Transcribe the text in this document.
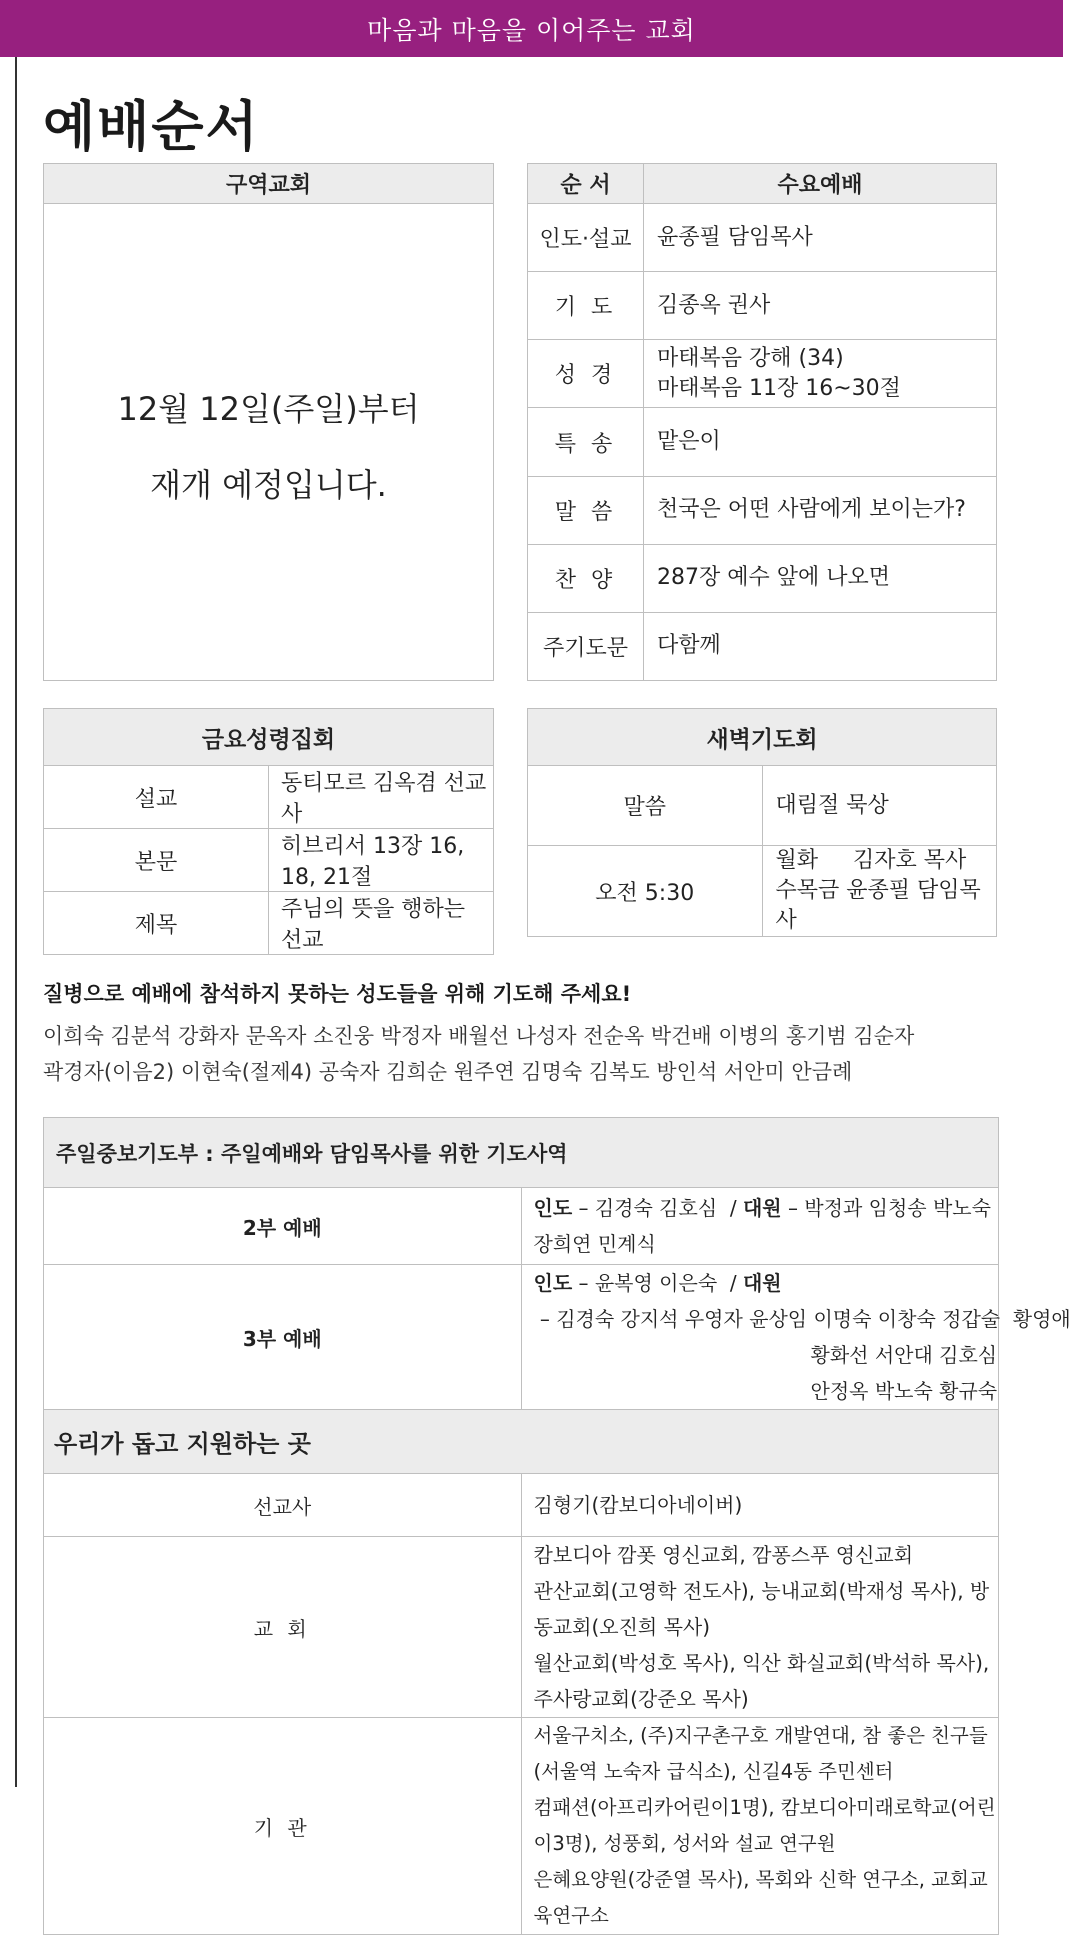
마음과 마음을 이어주는 교회
예배순서
구역교회

12월 12일(주일)부터
재개 예정입니다.
순 서	수요예배
인도·설교	윤종필 담임목사
기 도	김종옥 권사
성 경	마태복음 강해 (34)
마태복음 11장 16~30절

특 송	맡은이
말 씀	천국은 어떤 사람에게 보이는가?
찬 양	287장 예수 앞에 나오면
주기도문	다함께
금요성령집회	
설교	동티모르 김옥겸 선교사
본문	히브리서 13장 16, 18, 21절
제목	주님의 뜻을 행하는 선교
새벽기도회	
말씀	대림절 묵상
오전 5:30	월화     김자호 목사
수목금 윤종필 담임목사
질병으로 예배에 참석하지 못하는 성도들을 위해 기도해 주세요!
이희숙 김분석 강화자 문옥자 소진웅 박정자 배월선 나성자 전순옥 박건배 이병의 홍기범 김순자
곽경자(이음2) 이현숙(절제4) 공숙자 김희순 원주연 김명숙 김복도 방인석 서안미 안금례
주일중보기도부 : 주일예배와 담임목사를 위한 기도사역	
2부 예배	인도 – 김경숙 김호심  / 대원 – 박정과 임청송 박노숙 장희연 민계식
3부 예배	인도 – 윤복영 이은숙  / 대원 – 김경숙 강지석 우영자 윤상임 이명숙 이창숙 정갑술  황영애
황화선 서안대 김호심 안정옥 박노숙 황규숙

우리가 돕고 지원하는 곳	
선교사	김형기(캄보디아네이버)
교 회	캄보디아 깜폿 영신교회, 깜퐁스푸 영신교회
관산교회(고영학 전도사), 능내교회(박재성 목사), 방동교회(오진희 목사)
월산교회(박성호 목사), 익산 화실교회(박석하 목사), 주사랑교회(강준오 목사)

기 관	서울구치소, (주)지구촌구호 개발연대, 참 좋은 친구들(서울역 노숙자 급식소), 신길4동 주민센터
컴패션(아프리카어린이1명), 캄보디아미래로학교(어린이3명), 성풍회, 성서와 설교 연구원
은혜요양원(강준열 목사), 목회와 신학 연구소, 교회교육연구소
